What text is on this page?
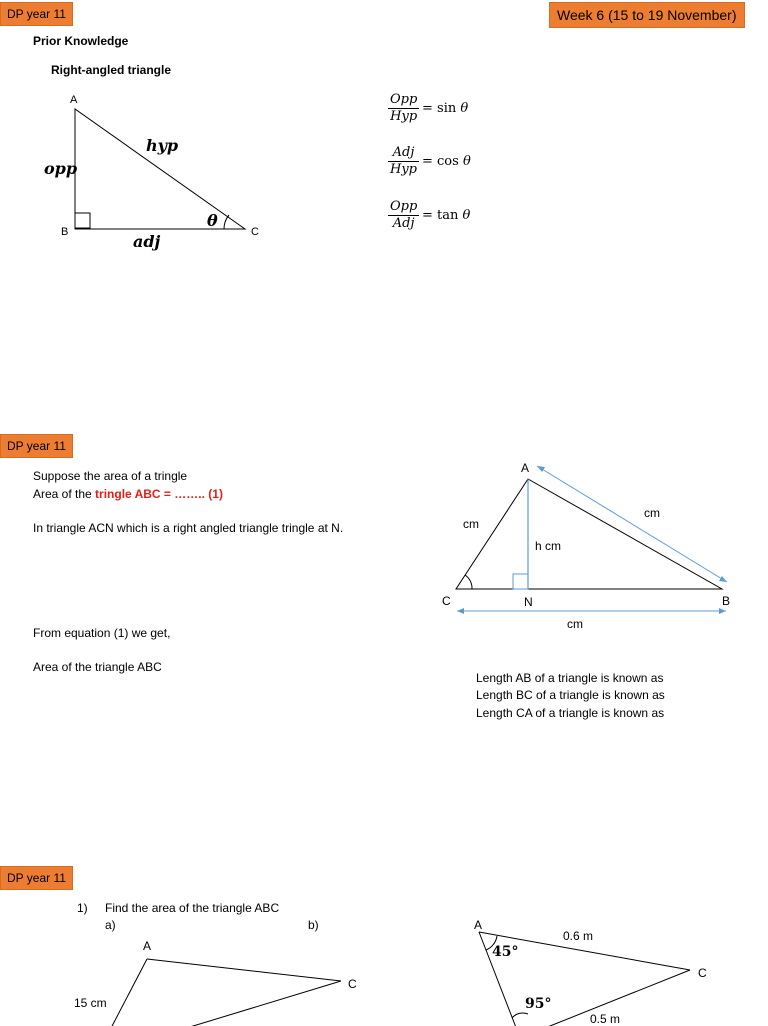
DP year 11	Week 6 (15 to 19 November)
Prior Knowledge
Right-angled triangle
A
B	C
hyp
opp
adj
θ
Opp
Hyp
= sin θ
Adj
Hyp
= cos θ
Opp
Adj
= tan θ
DP year 11
Suppose the area of a tringle
Area of the tringle ABC = …….. (1)
In triangle ACN which is a right angled triangle tringle at N.
From equation (1) we get,
Area of the triangle ABC
A
C	N	B
cm
cm
h cm
cm
Length AB of a triangle is known as
Length BC of a triangle is known as
Length CA of a triangle is known as
DP year 11
1) Find the area of the triangle ABC
a)	b)
A
C
15 cm
A
C
0.6 m
45°
95°
0.5 m
